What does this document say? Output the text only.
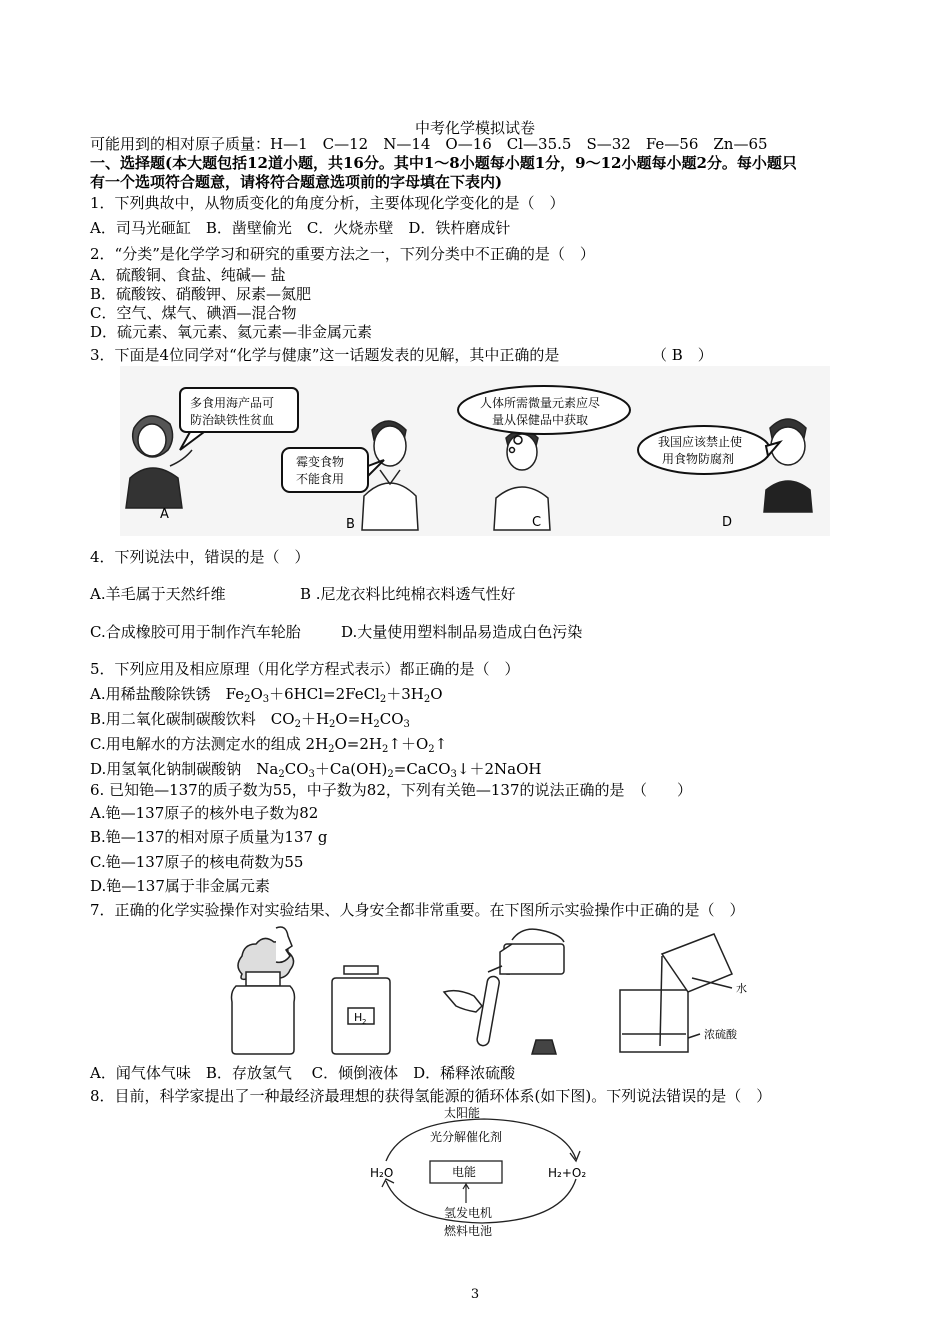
中考化学模拟试卷
可能用到的相对原子质量：H—1　C—12　N—14　O—16　Cl—35.5　S—32　Fe—56　Zn—65
一、选择题(本大题包括12道小题，共16分。其中1～8小题每小题1分，9～12小题每小题2分。每小题只
有一个选项符合题意，请将符合题意选项前的字母填在下表内)
1．下列典故中，从物质变化的角度分析，主要体现化学变化的是（　）
A．司马光砸缸　B．凿壁偷光　C．火烧赤壁　D．铁杵磨成针
2．“分类”是化学学习和研究的重要方法之一，下列分类中不正确的是（　）
A．硫酸铜、食盐、纯碱— 盐
B．硫酸铵、硝酸钾、尿素—氮肥
C．空气、煤气、碘酒—混合物
D．硫元素、氧元素、氦元素—非金属元素
3．下面是4位同学对“化学与健康”这一话题发表的见解，其中正确的是	（ B　）
多食用海产品可
防治缺铁性贫血
霉变食物
不能食用
人体所需微量元素应尽
量从保健品中获取
我国应该禁止使
用食物防腐剂
A
B	C	D
4．下列说法中，错误的是（　）
A.羊毛属于天然纤维	B .尼龙衣料比纯棉衣料透气性好
C.合成橡胶可用于制作汽车轮胎	D.大量使用塑料制品易造成白色污染
5．下列应用及相应原理（用化学方程式表示）都正确的是（　）
A.用稀盐酸除铁锈　$Fe_2O_3+6HCl=2FeCl_2+3H_2O$
B.用二氧化碳制碳酸饮料　$CO_2+H_2O=H_2CO_3$
C.用电解水的方法测定水的组成 $2H_2O=2H_2↑+O_2↑$
D.用氢氧化钠制碳酸钠　$Na_2CO_3+Ca(OH)_2=CaCO_3↓+2NaOH$
6. 已知铯—137的质子数为55，中子数为82，下列有关铯—137的说法正确的是　（　　）
A.铯—137原子的核外电子数为82
B.铯—137的相对原子质量为137 g
C.铯—137原子的核电荷数为55
D.铯—137属于非金属元素
7．正确的化学实验操作对实验结果、人身安全都非常重要。在下图所示实验操作中正确的是（　）
H 2
水
浓硫酸
A．闻气体气味　B．存放氢气　 C．倾倒液体　D．稀释浓硫酸
8．目前，科学家提出了一种最经济最理想的获得氢能源的循环体系(如下图)。下列说法错误的是（　）
太阳能
光分解催化剂
H₂O	H₂+O₂
电能
氢发电机
燃料电池
3
